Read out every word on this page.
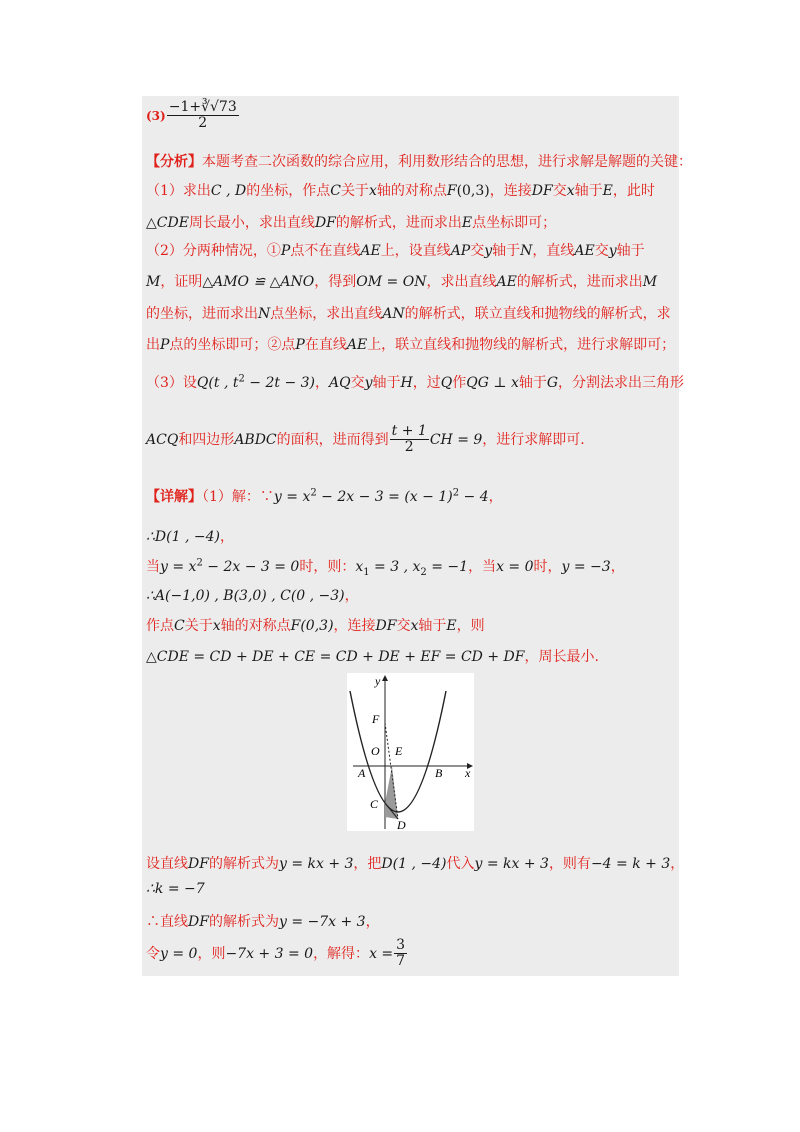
$(3) \frac{-1+∛√73}{2}$
【分析】本题考查二次函数的综合应用，利用数形结合的思想，进行求解是解题的关键：
（1）求出C , D的坐标，作点C关于x轴的对称点F(0,3)，连接DF交x轴于E，此时
△CDE周长最小，求出直线DF的解析式，进而求出E点坐标即可；
（2）分两种情况，①P点不在直线AE上，设直线AP交y轴于N，直线AE交y轴于
M，证明△AMO ≌ △ANO，得到OM = ON，求出直线AE的解析式，进而求出M
的坐标，进而求出N点坐标，求出直线AN的解析式，联立直线和抛物线的解析式，求
出P点的坐标即可；②点P在直线AE上，联立直线和抛物线的解析式，进行求解即可；
（3）设Q(t , $t^2 - 2t - 3$)，AQ交y轴于H，过Q作QG ⊥ x轴于G，分割法求出三角形
ACQ和四边形ABDC的面积，进而得到 $\frac{t + 1}{2}$ CH = 9，进行求解即可.
【详解】（1）解：∵y = $x^2 - 2x - 3 = (x - 1)^2 - 4$，
∴D(1 , −4)，
当$y = x^2 - 2x - 3 = 0$时，则：$x_1 = 3$ , $x_2 = -1$，当x = 0时，y = −3，
∴A(−1,0) , B(3,0) , C(0 , −3)，
作点C关于x轴的对称点F(0,3)，连接DF交x轴于E，则
△CDE = CD + DE + CE = CD + DE + EF = CD + DF，周长最小.
y
x
F
O E
A	B
C
D
设直线DF的解析式为y = kx + 3，把D(1 , −4)代入y = kx + 3，则有−4 = k + 3，
∴k = −7
∴直线DF的解析式为y = −7x + 3，
令y = 0，则−7x + 3 = 0，解得：$x = \frac{3}{7}$
